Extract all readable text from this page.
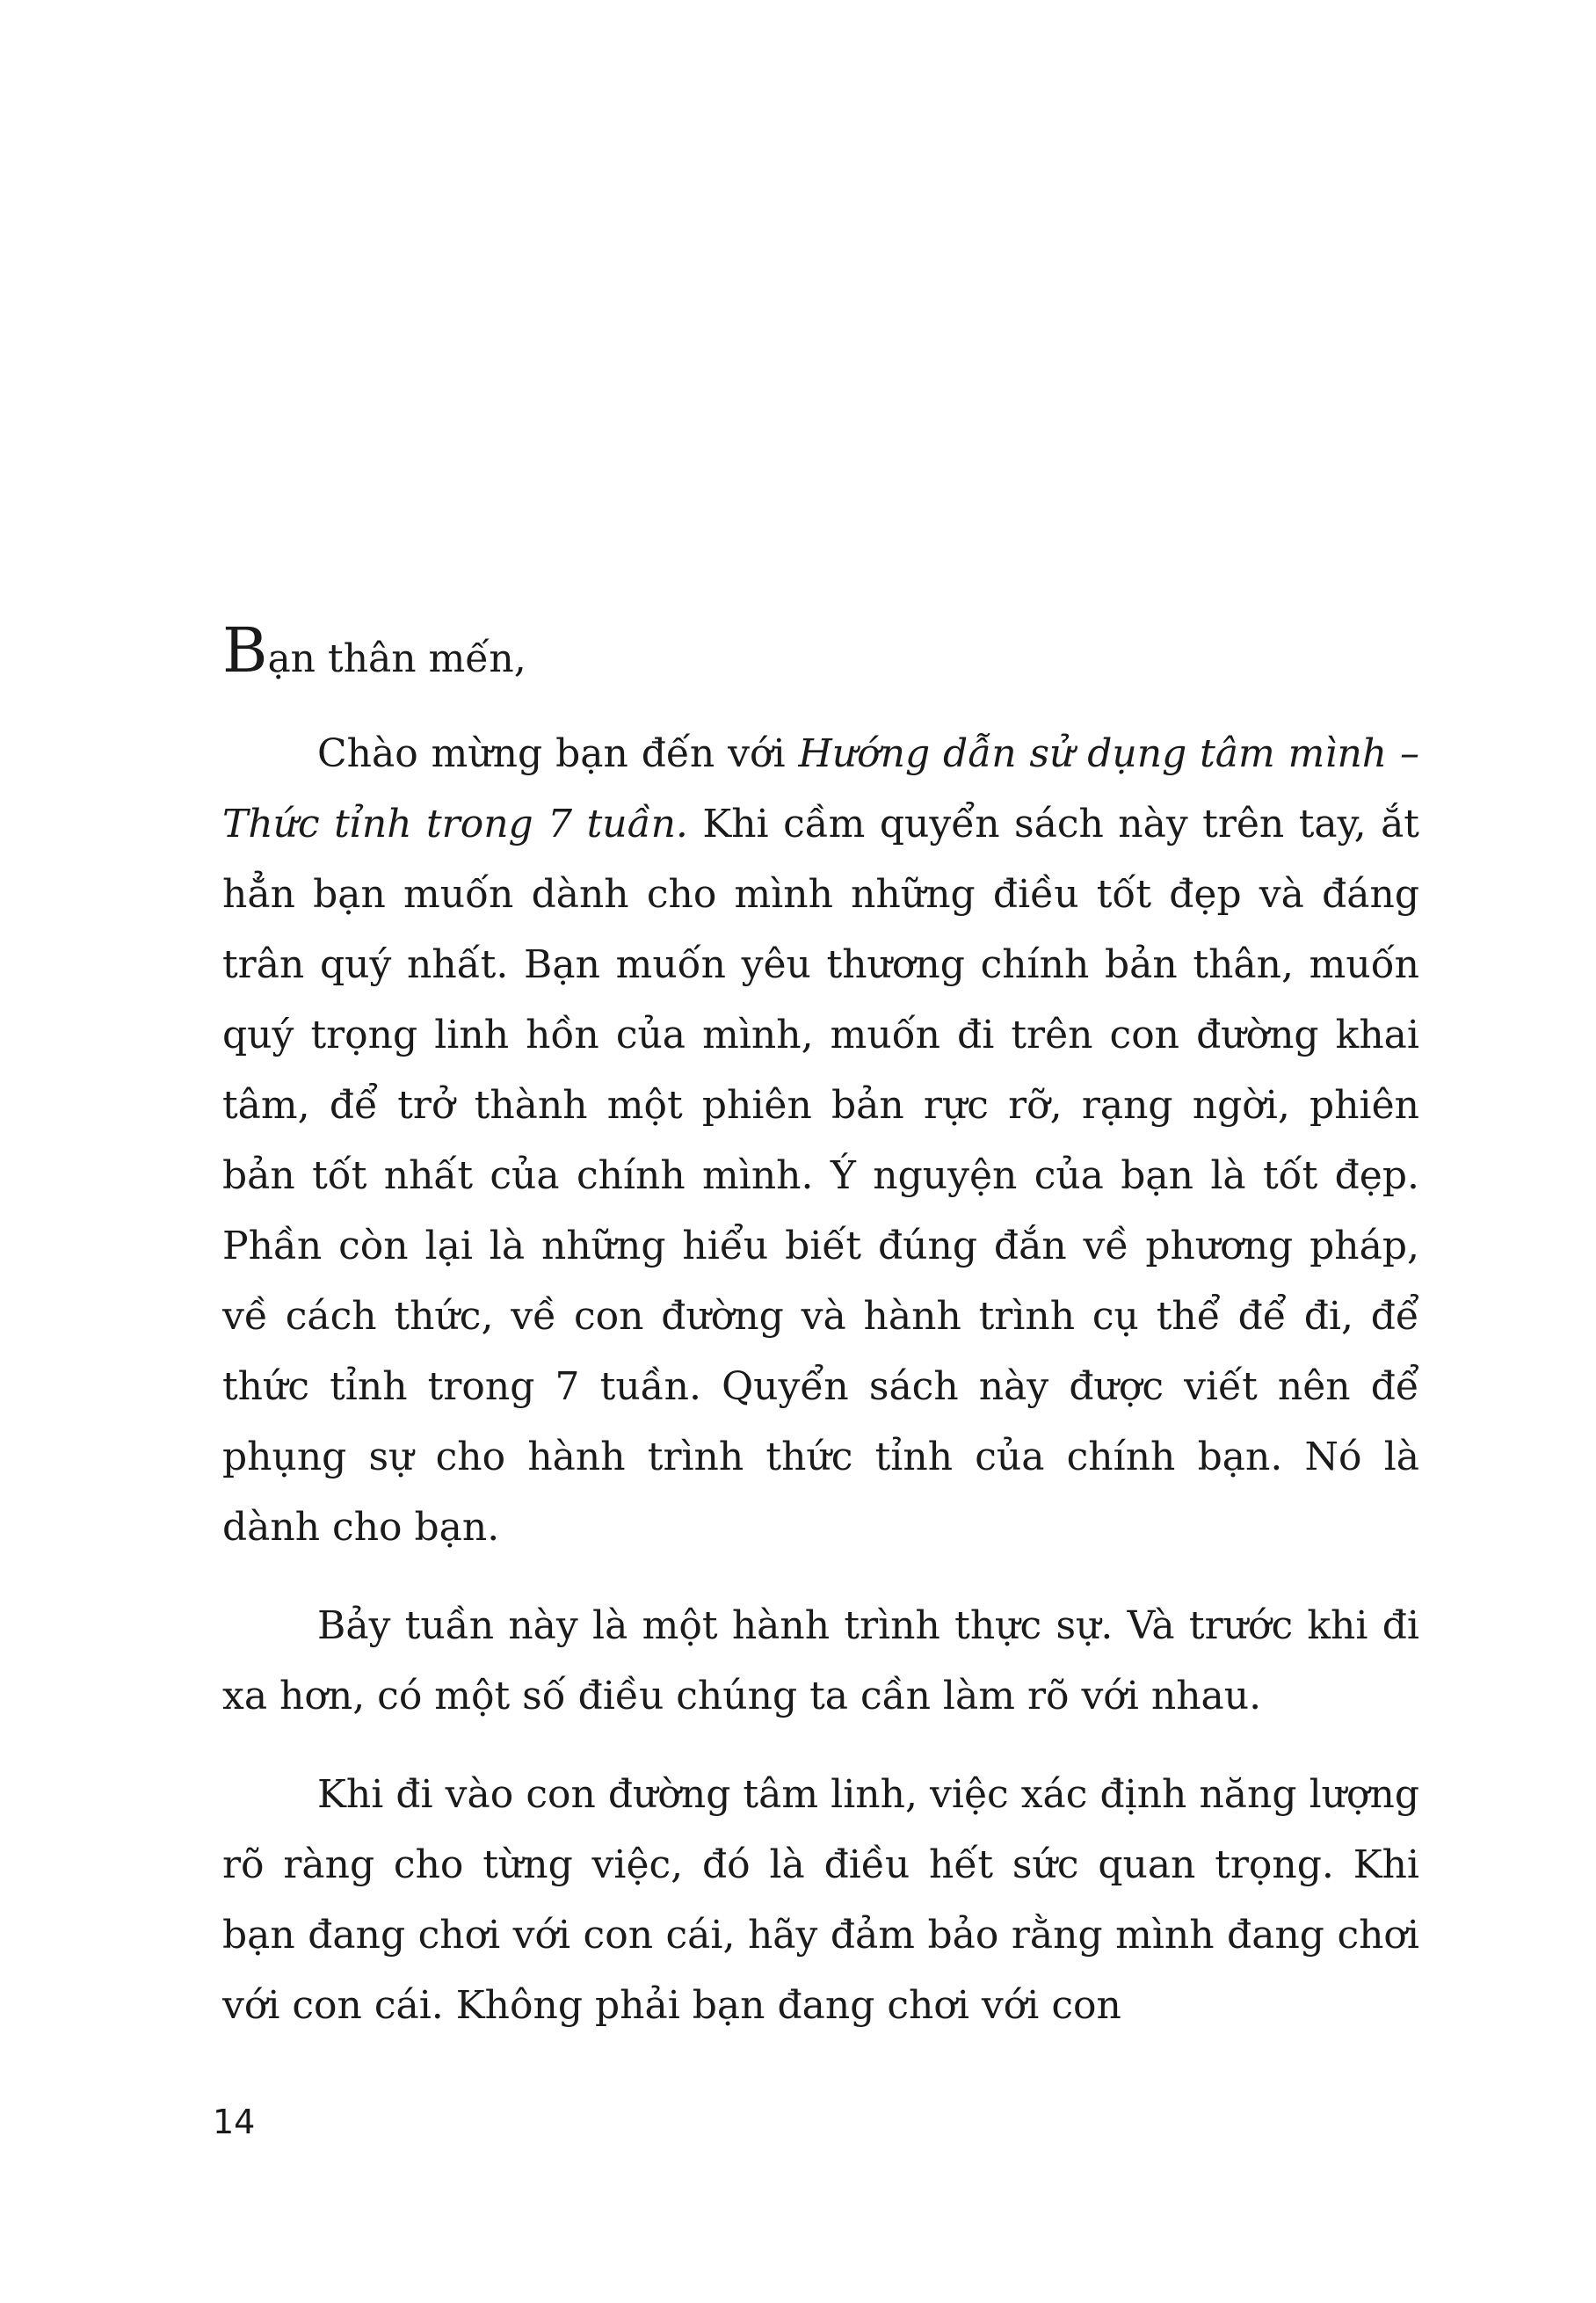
Bạn thân mến,

Chào mừng bạn đến với Hướng dẫn sử dụng tâm mình – Thức tỉnh trong 7 tuần. Khi cầm quyển sách này trên tay, ắt hẳn bạn muốn dành cho mình những điều tốt đẹp và đáng trân quý nhất. Bạn muốn yêu thương chính bản thân, muốn quý trọng linh hồn của mình, muốn đi trên con đường khai tâm, để trở thành một phiên bản rực rỡ, rạng ngời, phiên bản tốt nhất của chính mình. Ý nguyện của bạn là tốt đẹp. Phần còn lại là những hiểu biết đúng đắn về phương pháp, về cách thức, về con đường và hành trình cụ thể để đi, để thức tỉnh trong 7 tuần. Quyển sách này được viết nên để phụng sự cho hành trình thức tỉnh của chính bạn. Nó là dành cho bạn.

Bảy tuần này là một hành trình thực sự. Và trước khi đi xa hơn, có một số điều chúng ta cần làm rõ với nhau.

Khi đi vào con đường tâm linh, việc xác định năng lượng rõ ràng cho từng việc, đó là điều hết sức quan trọng. Khi bạn đang chơi với con cái, hãy đảm bảo rằng mình đang chơi với con cái. Không phải bạn đang chơi với con

14
